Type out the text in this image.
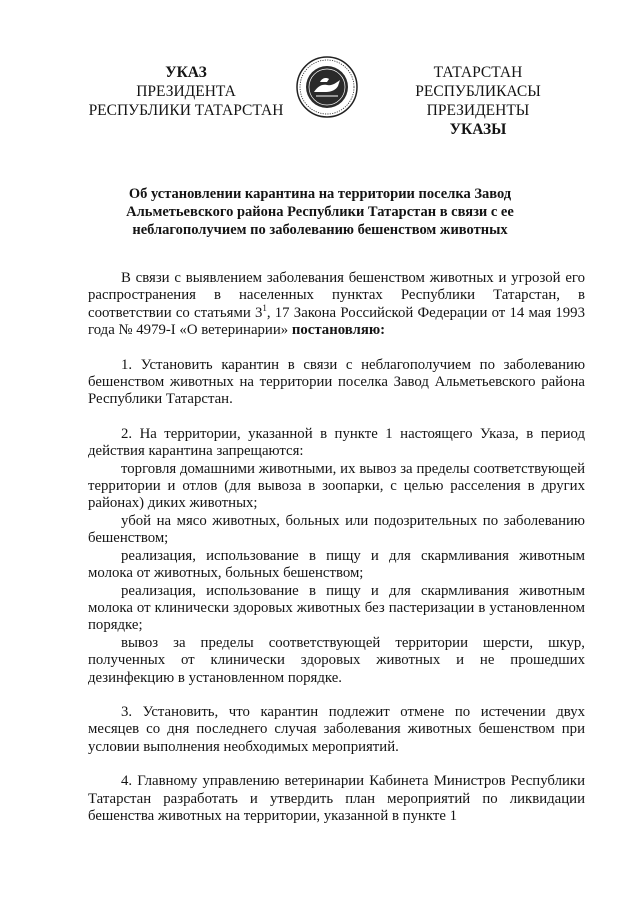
УКАЗ
ПРЕЗИДЕНТА
РЕСПУБЛИКИ ТАТАРСТАН
ТАТАРСТАН РЕСПУБЛИКАСЫ
ПРЕЗИДЕНТЫ
УКАЗЫ
Об установлении карантина на территории поселка Завод
Альметьевского района Республики Татарстан в связи с ее
неблагополучием по заболеванию бешенством животных

В связи с выявлением заболевания бешенством животных и угрозой его распространения в населенных пунктах Республики Татарстан, в соответствии со статьями $3^1$, 17 Закона Российской Федерации от 14 мая 1993 года № 4979-I «О ветеринарии» постановляю:

1. Установить карантин в связи с неблагополучием по заболеванию бешенством животных на территории поселка Завод Альметьевского района Республики Татарстан.

2. На территории, указанной в пункте 1 настоящего Указа, в период действия карантина запрещаются:

торговля домашними животными, их вывоз за пределы соответствующей территории и отлов (для вывоза в зоопарки, с целью расселения в других районах) диких животных;

убой на мясо животных, больных или подозрительных по заболеванию бешенством;

реализация, использование в пищу и для скармливания животным молока от животных, больных бешенством;

реализация, использование в пищу и для скармливания животным молока от клинически здоровых животных без пастеризации в установленном порядке;

вывоз за пределы соответствующей территории шерсти, шкур, полученных от клинически здоровых животных и не прошедших дезинфекцию в установленном порядке.

3. Установить, что карантин подлежит отмене по истечении двух месяцев со дня последнего случая заболевания животных бешенством при условии выполнения необходимых мероприятий.

4. Главному управлению ветеринарии Кабинета Министров Республики Татарстан разработать и утвердить план мероприятий по ликвидации бешенства животных на территории, указанной в пункте 1
